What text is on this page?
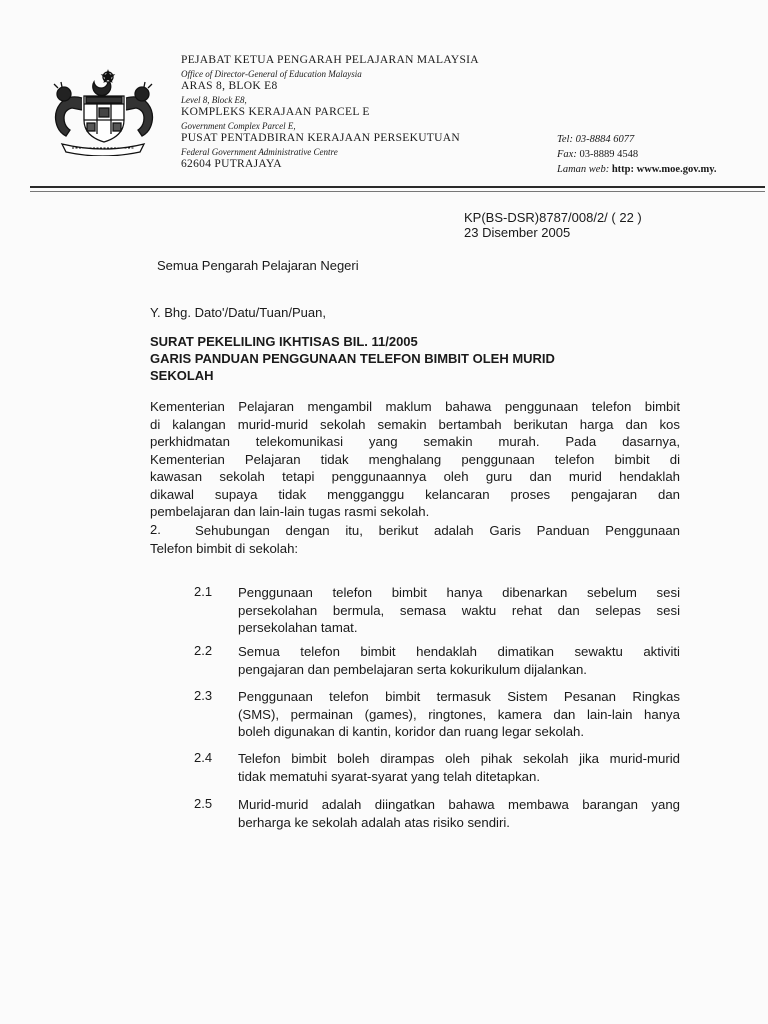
PEJABAT KETUA PENGARAH PELAJARAN MALAYSIA
Office of Director-General of Education Malaysia
ARAS 8, BLOK E8
Level 8, Block E8,
KOMPLEKS KERAJAAN PARCEL E
Government Complex Parcel E,
PUSAT PENTADBIRAN KERAJAAN PERSEKUTUAN
Federal Government Administrative Centre
62604 PUTRAJAYA
Tel: 03-8884 6077
Fax: 03-8889 4548
Laman web: http: www.moe.gov.my.
KP(BS-DSR)8787/008/2/ ( 22 )
23 Disember 2005
Semua Pengarah Pelajaran Negeri
Y. Bhg. Dato'/Datu/Tuan/Puan,
SURAT PEKELILING IKHTISAS BIL. 11/2005
GARIS PANDUAN PENGGUNAAN TELEFON BIMBIT OLEH MURID
SEKOLAH
Kementerian Pelajaran mengambil maklum bahawa penggunaan telefon bimbit
di kalangan murid-murid sekolah semakin bertambah berikutan harga dan kos
perkhidmatan telekomunikasi yang semakin murah. Pada dasarnya,
Kementerian Pelajaran tidak menghalang penggunaan telefon bimbit di
kawasan sekolah tetapi penggunaannya oleh guru dan murid hendaklah
dikawal supaya tidak mengganggu kelancaran proses pengajaran dan
pembelajaran dan lain-lain tugas rasmi sekolah.
2.	Sehubungan dengan itu, berikut adalah Garis Panduan Penggunaan
Telefon bimbit di sekolah:
2.1 Penggunaan telefon bimbit hanya dibenarkan sebelum sesi
persekolahan bermula, semasa waktu rehat dan selepas sesi
persekolahan tamat.
2.2 Semua telefon bimbit hendaklah dimatikan sewaktu aktiviti
pengajaran dan pembelajaran serta kokurikulum dijalankan.
2.3 Penggunaan telefon bimbit termasuk Sistem Pesanan Ringkas
(SMS), permainan (games), ringtones, kamera dan lain-lain hanya
boleh digunakan di kantin, koridor dan ruang legar sekolah.
2.4 Telefon bimbit boleh dirampas oleh pihak sekolah jika murid-murid
tidak mematuhi syarat-syarat yang telah ditetapkan.
2.5 Murid-murid adalah diingatkan bahawa membawa barangan yang
berharga ke sekolah adalah atas risiko sendiri.
